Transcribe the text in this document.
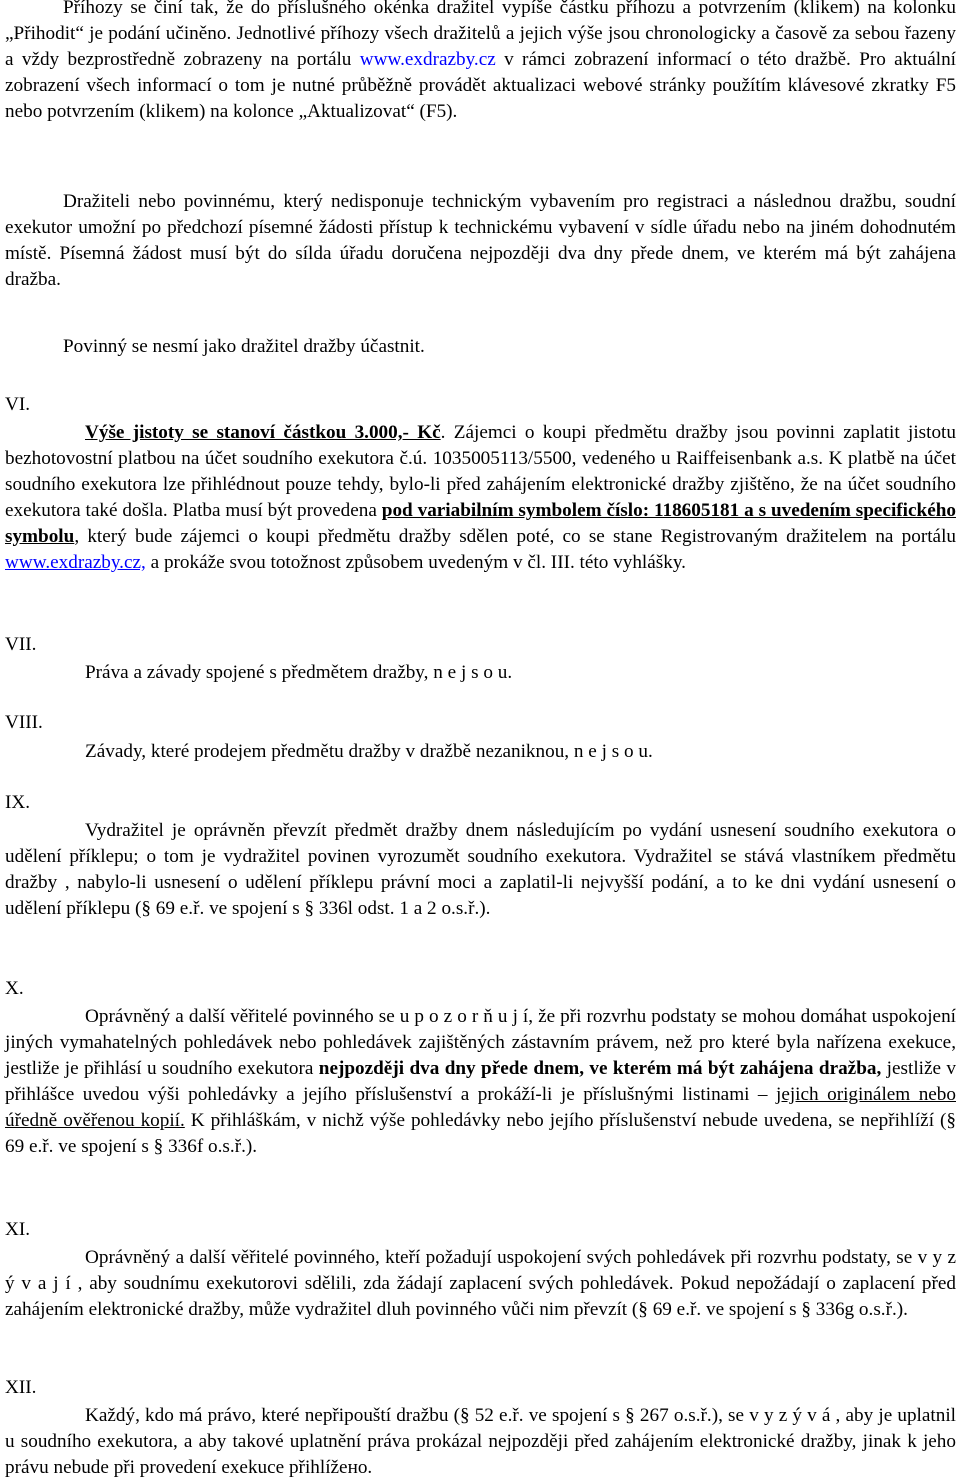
Příhozy se činí tak, že do příslušného okénka dražitel vypíše částku příhozu a potvrzením (klikem) na kolonku „Přihodit“ je podání učiněno. Jednotlivé příhozy všech dražitelů a jejich výše jsou chronologicky a časově za sebou řazeny a vždy bezprostředně zobrazeny na portálu www.exdrazby.cz v rámci zobrazení informací o této dražbě. Pro aktuální zobrazení všech informací o tom je nutné průběžně provádět aktualizaci webové stránky použítím klávesové zkratky F5 nebo potvrzením (klikem) na kolonce „Aktualizovat“ (F5).

Dražiteli nebo povinnému, který nedisponuje technickým vybavením pro registraci a následnou dražbu, soudní exekutor umožní po předchozí písemné žádosti přístup k technickému vybavení v sídle úřadu nebo na jiném dohodnutém místě. Písemná žádost musí být do sílda úřadu doručena nejpozději dva dny přede dnem, ve kterém má být zahájena dražba.

Povinný se nesmí jako dražitel dražby účastnit.

VI.

Výše jistoty se stanoví částkou 3.000,- Kč. Zájemci o koupi předmětu dražby jsou povinni zaplatit jistotu bezhotovostní platbou na účet soudního exekutora č.ú. 1035005113/5500, vedeného u Raiffeisenbank a.s. K platbě na účet soudního exekutora lze přihlédnout pouze tehdy, bylo-li před zahájením elektronické dražby zjištěno, že na účet soudního exekutora také došla. Platba musí být provedena pod variabilním symbolem číslo: 118605181 a s uvedením specifického symbolu, který bude zájemci o koupi předmětu dražby sdělen poté, co se stane Registrovaným dražitelem na portálu www.exdrazby.cz, a prokáže svou totožnost způsobem uvedeným v čl. III. této vyhlášky.

VII.

Práva a závady spojené s předmětem dražby, n e j s o u.

VIII.

Závady, které prodejem předmětu dražby v dražbě nezaniknou, n e j s o u.

IX.

Vydražitel je oprávněn převzít předmět dražby dnem následujícím po vydání usnesení soudního exekutora o udělení příklepu; o tom je vydražitel povinen vyrozumět soudního exekutora. Vydražitel se stává vlastníkem předmětu dražby , nabylo-li usnesení o udělení příklepu právní moci a zaplatil-li nejvyšší podání, a to ke dni vydání usnesení o udělení příklepu (§ 69 e.ř. ve spojení s § 336l odst. 1 a 2 o.s.ř.).

X.

Oprávněný a další věřitelé povinného se u p o z o r ň u j í, že při rozvrhu podstaty se mohou domáhat uspokojení jiných vymahatelných pohledávek nebo pohledávek zajištěných zástavním právem, než pro které byla nařízena exekuce, jestliže je přihlásí u soudního exekutora nejpozději dva dny přede dnem, ve kterém má být zahájena dražba, jestliže v přihlášce uvedou výši pohledávky a jejího příslušenství a prokáží-li je příslušnými listinami – jejich originálem nebo úředně ověřenou kopií. K přihláškám, v nichž výše pohledávky nebo jejího příslušenství nebude uvedena, se nepřihlíží (§ 69 e.ř. ve spojení s § 336f o.s.ř.).

XI.

Oprávněný a další věřitelé povinného, kteří požadují uspokojení svých pohledávek při rozvrhu podstaty, se v y z ý v a j í , aby soudnímu exekutorovi sdělili, zda žádají zaplacení svých pohledávek. Pokud nepožádají o zaplacení před zahájením elektronické dražby, může vydražitel dluh povinného vůči nim převzít (§ 69 e.ř. ve spojení s § 336g o.s.ř.).

XII.

Každý, kdo má právo, které nepřipouští dražbu (§ 52 e.ř. ve spojení s § 267 o.s.ř.), se v y z ý v á , aby je uplatnil u soudního exekutora, a aby takové uplatnění práva prokázal nejpozději před zahájením elektronické dražby, jinak k jeho právu nebude při provedení exekuce přihlížено.
